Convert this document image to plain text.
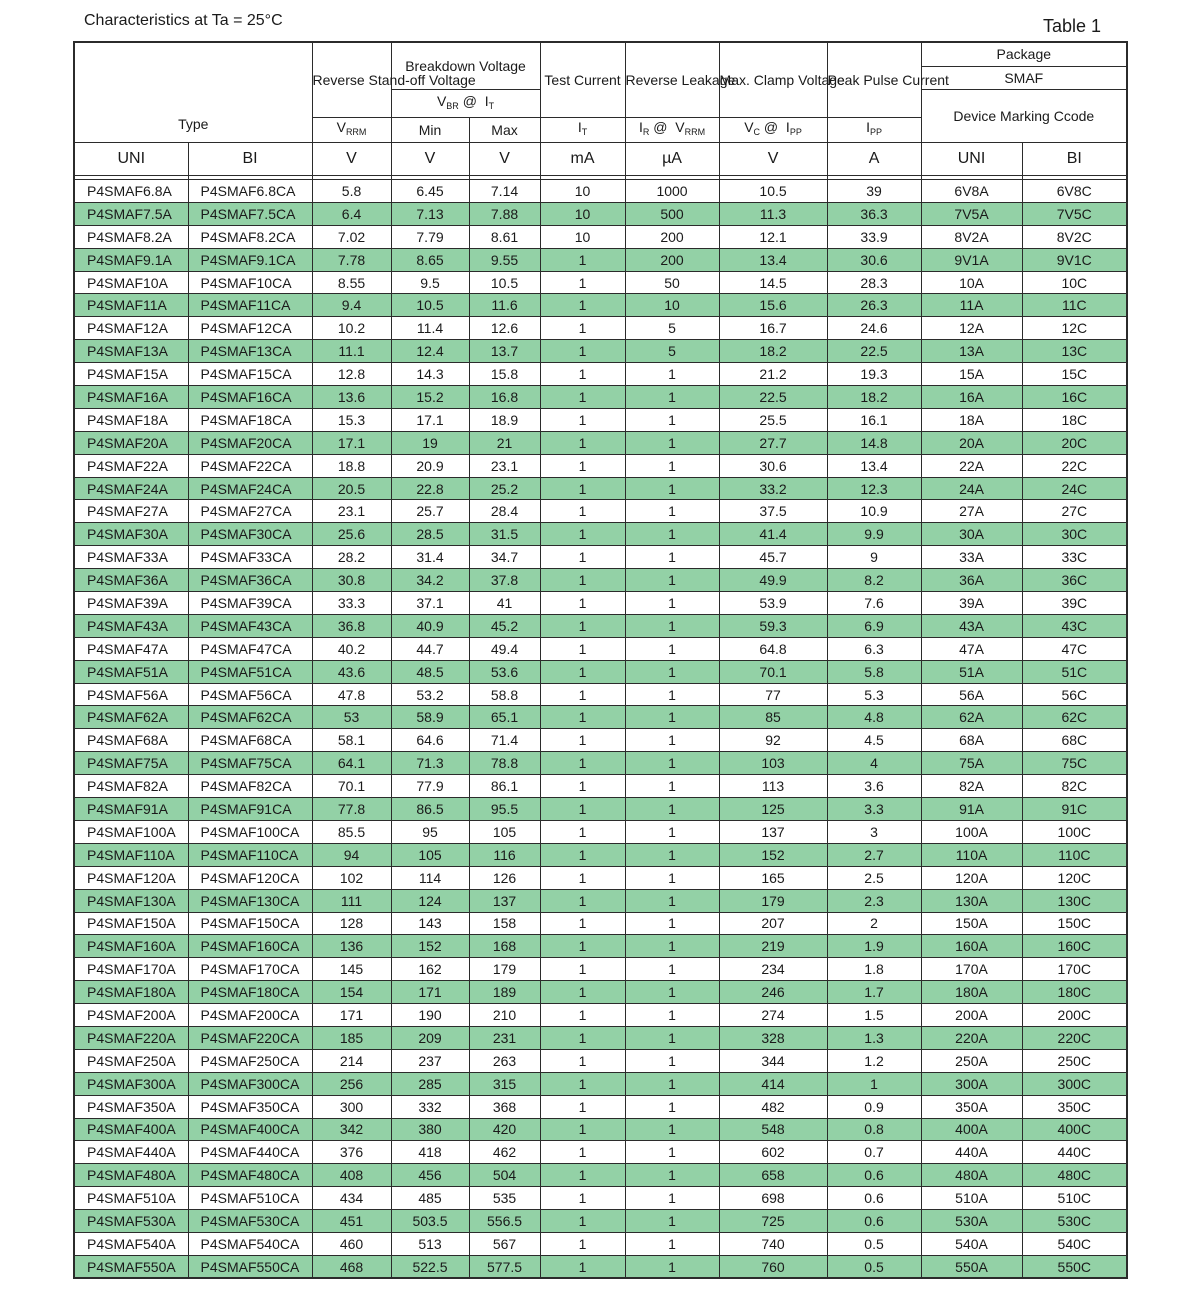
Characteristics at Ta = 25°C	Table 1
Type		Reverse Stand-off Voltage	Breakdown Voltage		Test Current	Reverse Leakage	Max. Clamp Voltage	Peak Pulse Current	Package
SMAF	

			$V_{BR}$ @  $I_T$						Device Marking Ccode	
		$V_{RRM}$	Min	Max	$I_T$	$I_R$ @  $V_{RRM}$	$V_C$ @  $I_{PP}$	$I_{PP}$
UNI	BI	V	V	V	mA	µA	V	A	UNI	BI

P4SMAF6.8A	P4SMAF6.8CA	5.8	6.45	7.14	10	1000	10.5	39	6V8A	6V8C
P4SMAF7.5A	P4SMAF7.5CA	6.4	7.13	7.88	10	500	11.3	36.3	7V5A	7V5C
P4SMAF8.2A	P4SMAF8.2CA	7.02	7.79	8.61	10	200	12.1	33.9	8V2A	8V2C
P4SMAF9.1A	P4SMAF9.1CA	7.78	8.65	9.55	1	200	13.4	30.6	9V1A	9V1C
P4SMAF10A	P4SMAF10CA	8.55	9.5	10.5	1	50	14.5	28.3	10A	10C
P4SMAF11A	P4SMAF11CA	9.4	10.5	11.6	1	10	15.6	26.3	11A	11C
P4SMAF12A	P4SMAF12CA	10.2	11.4	12.6	1	5	16.7	24.6	12A	12C
P4SMAF13A	P4SMAF13CA	11.1	12.4	13.7	1	5	18.2	22.5	13A	13C
P4SMAF15A	P4SMAF15CA	12.8	14.3	15.8	1	1	21.2	19.3	15A	15C
P4SMAF16A	P4SMAF16CA	13.6	15.2	16.8	1	1	22.5	18.2	16A	16C
P4SMAF18A	P4SMAF18CA	15.3	17.1	18.9	1	1	25.5	16.1	18A	18C
P4SMAF20A	P4SMAF20CA	17.1	19	21	1	1	27.7	14.8	20A	20C
P4SMAF22A	P4SMAF22CA	18.8	20.9	23.1	1	1	30.6	13.4	22A	22C
P4SMAF24A	P4SMAF24CA	20.5	22.8	25.2	1	1	33.2	12.3	24A	24C
P4SMAF27A	P4SMAF27CA	23.1	25.7	28.4	1	1	37.5	10.9	27A	27C
P4SMAF30A	P4SMAF30CA	25.6	28.5	31.5	1	1	41.4	9.9	30A	30C
P4SMAF33A	P4SMAF33CA	28.2	31.4	34.7	1	1	45.7	9	33A	33C
P4SMAF36A	P4SMAF36CA	30.8	34.2	37.8	1	1	49.9	8.2	36A	36C
P4SMAF39A	P4SMAF39CA	33.3	37.1	41	1	1	53.9	7.6	39A	39C
P4SMAF43A	P4SMAF43CA	36.8	40.9	45.2	1	1	59.3	6.9	43A	43C
P4SMAF47A	P4SMAF47CA	40.2	44.7	49.4	1	1	64.8	6.3	47A	47C
P4SMAF51A	P4SMAF51CA	43.6	48.5	53.6	1	1	70.1	5.8	51A	51C
P4SMAF56A	P4SMAF56CA	47.8	53.2	58.8	1	1	77	5.3	56A	56C
P4SMAF62A	P4SMAF62CA	53	58.9	65.1	1	1	85	4.8	62A	62C
P4SMAF68A	P4SMAF68CA	58.1	64.6	71.4	1	1	92	4.5	68A	68C
P4SMAF75A	P4SMAF75CA	64.1	71.3	78.8	1	1	103	4	75A	75C
P4SMAF82A	P4SMAF82CA	70.1	77.9	86.1	1	1	113	3.6	82A	82C
P4SMAF91A	P4SMAF91CA	77.8	86.5	95.5	1	1	125	3.3	91A	91C
P4SMAF100A	P4SMAF100CA	85.5	95	105	1	1	137	3	100A	100C
P4SMAF110A	P4SMAF110CA	94	105	116	1	1	152	2.7	110A	110C
P4SMAF120A	P4SMAF120CA	102	114	126	1	1	165	2.5	120A	120C
P4SMAF130A	P4SMAF130CA	111	124	137	1	1	179	2.3	130A	130C
P4SMAF150A	P4SMAF150CA	128	143	158	1	1	207	2	150A	150C
P4SMAF160A	P4SMAF160CA	136	152	168	1	1	219	1.9	160A	160C
P4SMAF170A	P4SMAF170CA	145	162	179	1	1	234	1.8	170A	170C
P4SMAF180A	P4SMAF180CA	154	171	189	1	1	246	1.7	180A	180C
P4SMAF200A	P4SMAF200CA	171	190	210	1	1	274	1.5	200A	200C
P4SMAF220A	P4SMAF220CA	185	209	231	1	1	328	1.3	220A	220C
P4SMAF250A	P4SMAF250CA	214	237	263	1	1	344	1.2	250A	250C
P4SMAF300A	P4SMAF300CA	256	285	315	1	1	414	1	300A	300C
P4SMAF350A	P4SMAF350CA	300	332	368	1	1	482	0.9	350A	350C
P4SMAF400A	P4SMAF400CA	342	380	420	1	1	548	0.8	400A	400C
P4SMAF440A	P4SMAF440CA	376	418	462	1	1	602	0.7	440A	440C
P4SMAF480A	P4SMAF480CA	408	456	504	1	1	658	0.6	480A	480C
P4SMAF510A	P4SMAF510CA	434	485	535	1	1	698	0.6	510A	510C
P4SMAF530A	P4SMAF530CA	451	503.5	556.5	1	1	725	0.6	530A	530C
P4SMAF540A	P4SMAF540CA	460	513	567	1	1	740	0.5	540A	540C
P4SMAF550A	P4SMAF550CA	468	522.5	577.5	1	1	760	0.5	550A	550C
